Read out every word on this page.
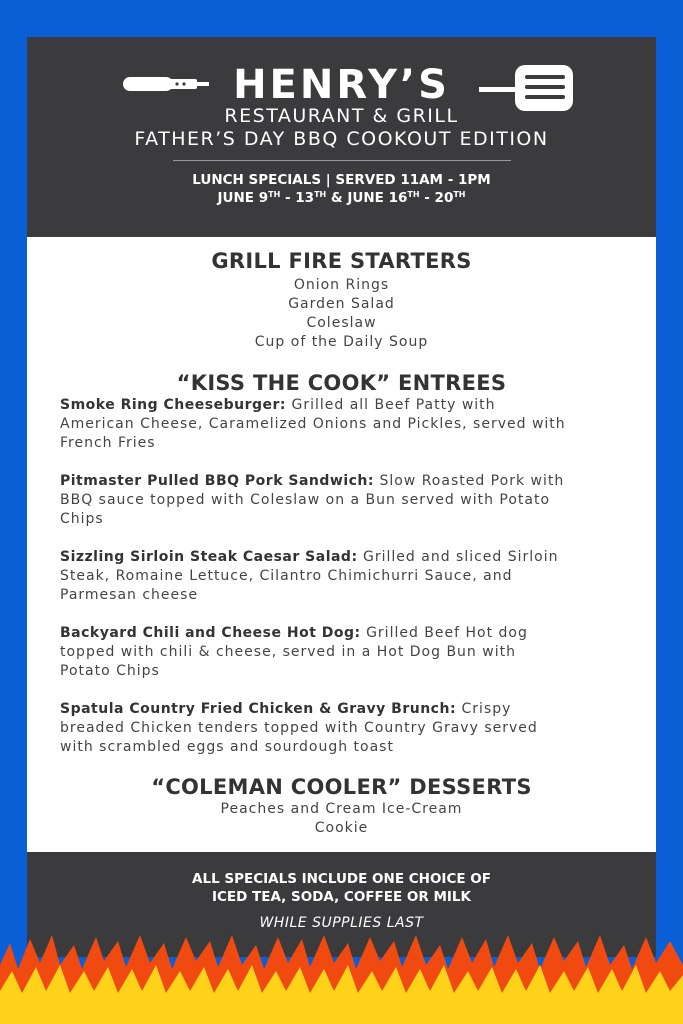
HENRY’S
RESTAURANT & GRILL
FATHER’S DAY BBQ COOKOUT EDITION
LUNCH SPECIALS | SERVED 11AM - 1PM
JUNE 9TH - 13TH & JUNE 16TH - 20TH
GRILL FIRE STARTERS
Onion Rings
Garden Salad
Coleslaw
Cup of the Daily Soup
“KISS THE COOK” ENTREES
Smoke Ring Cheeseburger: Grilled all Beef Patty with
American Cheese, Caramelized Onions and Pickles, served with
French Fries
Pitmaster Pulled BBQ Pork Sandwich: Slow Roasted Pork with
BBQ sauce topped with Coleslaw on a Bun served with Potato
Chips
Sizzling Sirloin Steak Caesar Salad: Grilled and sliced Sirloin
Steak, Romaine Lettuce, Cilantro Chimichurri Sauce, and
Parmesan cheese
Backyard Chili and Cheese Hot Dog: Grilled Beef Hot dog
topped with chili & cheese, served in a Hot Dog Bun with
Potato Chips
Spatula Country Fried Chicken & Gravy Brunch: Crispy
breaded Chicken tenders topped with Country Gravy served
with scrambled eggs and sourdough toast
“COLEMAN COOLER” DESSERTS
Peaches and Cream Ice-Cream
Cookie
ALL SPECIALS INCLUDE ONE CHOICE OF
ICED TEA, SODA, COFFEE OR MILK
WHILE SUPPLIES LAST
